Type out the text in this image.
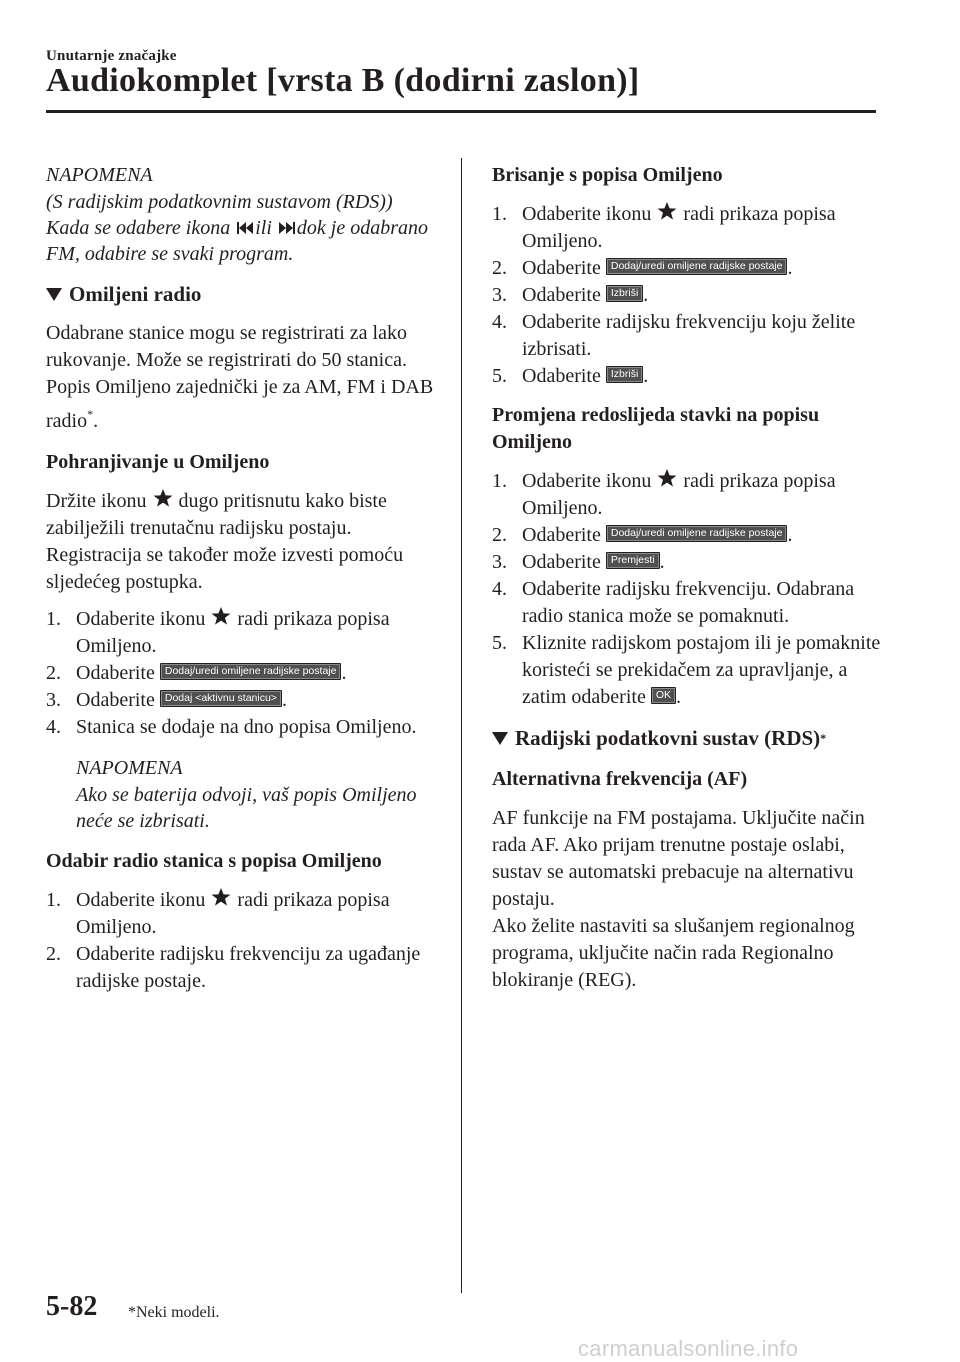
Unutarnje značajke
Audiokomplet [vrsta B (dodirni zaslon)]

NAPOMENA

(S radijskim podatkovnim sustavom (RDS))

Kada se odabere ikona ili dok je odabrano FM, odabire se svaki program.

Omiljeni radio

Odabrane stanice mogu se registrirati za lako rukovanje. Može se registrirati do 50 stanica. Popis Omiljeno zajednički je za AM, FM i DAB radio*.

Pohranjivanje u Omiljeno

Držite ikonu dugo pritisnutu kako biste zabilježili trenutačnu radijsku postaju. Registracija se također može izvesti pomoću sljedećeg postupka.

1. Odaberite ikonu radi prikaza popisa Omiljeno.
2. Odaberite Dodaj/uredi omiljene radijske postaje .
3. Odaberite Dodaj <aktivnu stanicu> .
4. Stanica se dodaje na dno popisa Omiljeno.

NAPOMENA

Ako se baterija odvoji, vaš popis Omiljeno neće se izbrisati.

Odabir radio stanica s popisa Omiljeno

1. Odaberite ikonu radi prikaza popisa Omiljeno.
2. Odaberite radijsku frekvenciju za ugađanje radijske postaje.

Brisanje s popisa Omiljeno

1. Odaberite ikonu radi prikaza popisa Omiljeno.
2. Odaberite Dodaj/uredi omiljene radijske postaje .
3. Odaberite Izbriši .
4. Odaberite radijsku frekvenciju koju želite izbrisati.
5. Odaberite Izbriši .

Promjena redoslijeda stavki na popisu Omiljeno

1. Odaberite ikonu radi prikaza popisa Omiljeno.
2. Odaberite Dodaj/uredi omiljene radijske postaje .
3. Odaberite Premjesti .
4. Odaberite radijsku frekvenciju. Odabrana radio stanica može se pomaknuti.
5. Kliznite radijskom postajom ili je pomaknite koristeći se prekidačem za upravljanje, a zatim odaberite OK .

Radijski podatkovni sustav (RDS) *

Alternativna frekvencija (AF)

AF funkcije na FM postajama. Uključite način rada AF. Ako prijam trenutne postaje oslabi, sustav se automatski prebacuje na alternativu postaju.

Ako želite nastaviti sa slušanjem regionalnog programa, uključite način rada Regionalno blokiranje (REG).

5-82 *Neki modeli.
carmanualsonline.info
